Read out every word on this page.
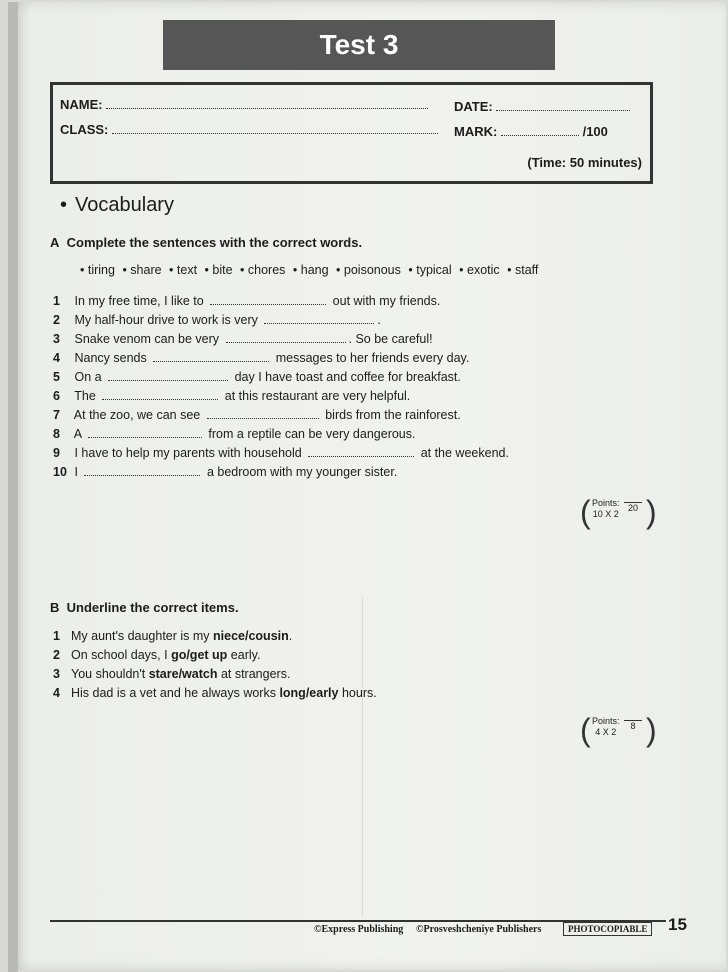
Test 3
NAME:	DATE:
CLASS:	MARK:	/100
(Time: 50 minutes)
• Vocabulary
A Complete the sentences with the correct words.
• tiring • share • text • bite • chores • hang • poisonous • typical • exotic • staff
1 In my free time, I like to	out with my friends.
2 My half-hour drive to work is very	.
3 Snake venom can be very	. So be careful!
4 Nancy sends	messages to her friends every day.
5 On a	day I have toast and coffee for breakfast.
6 The	at this restaurant are very helpful.
7 At the zoo, we can see	birds from the rainforest.
8 A	from a reptile can be very dangerous.
9 I have to help my parents with household	at the weekend.
10 I	a bedroom with my younger sister.
( Points:
10 X 2
20 )
B Underline the correct items.
1 My aunt's daughter is my niece/cousin.
2 On school days, I go/get up early.
3 You shouldn't stare/watch at strangers.
4 His dad is a vet and he always works long/early hours.
( Points:
4 X 2
8 )
©Express Publishing ©Prosveshcheniye Publishers	PHOTOCOPIABLE 15
